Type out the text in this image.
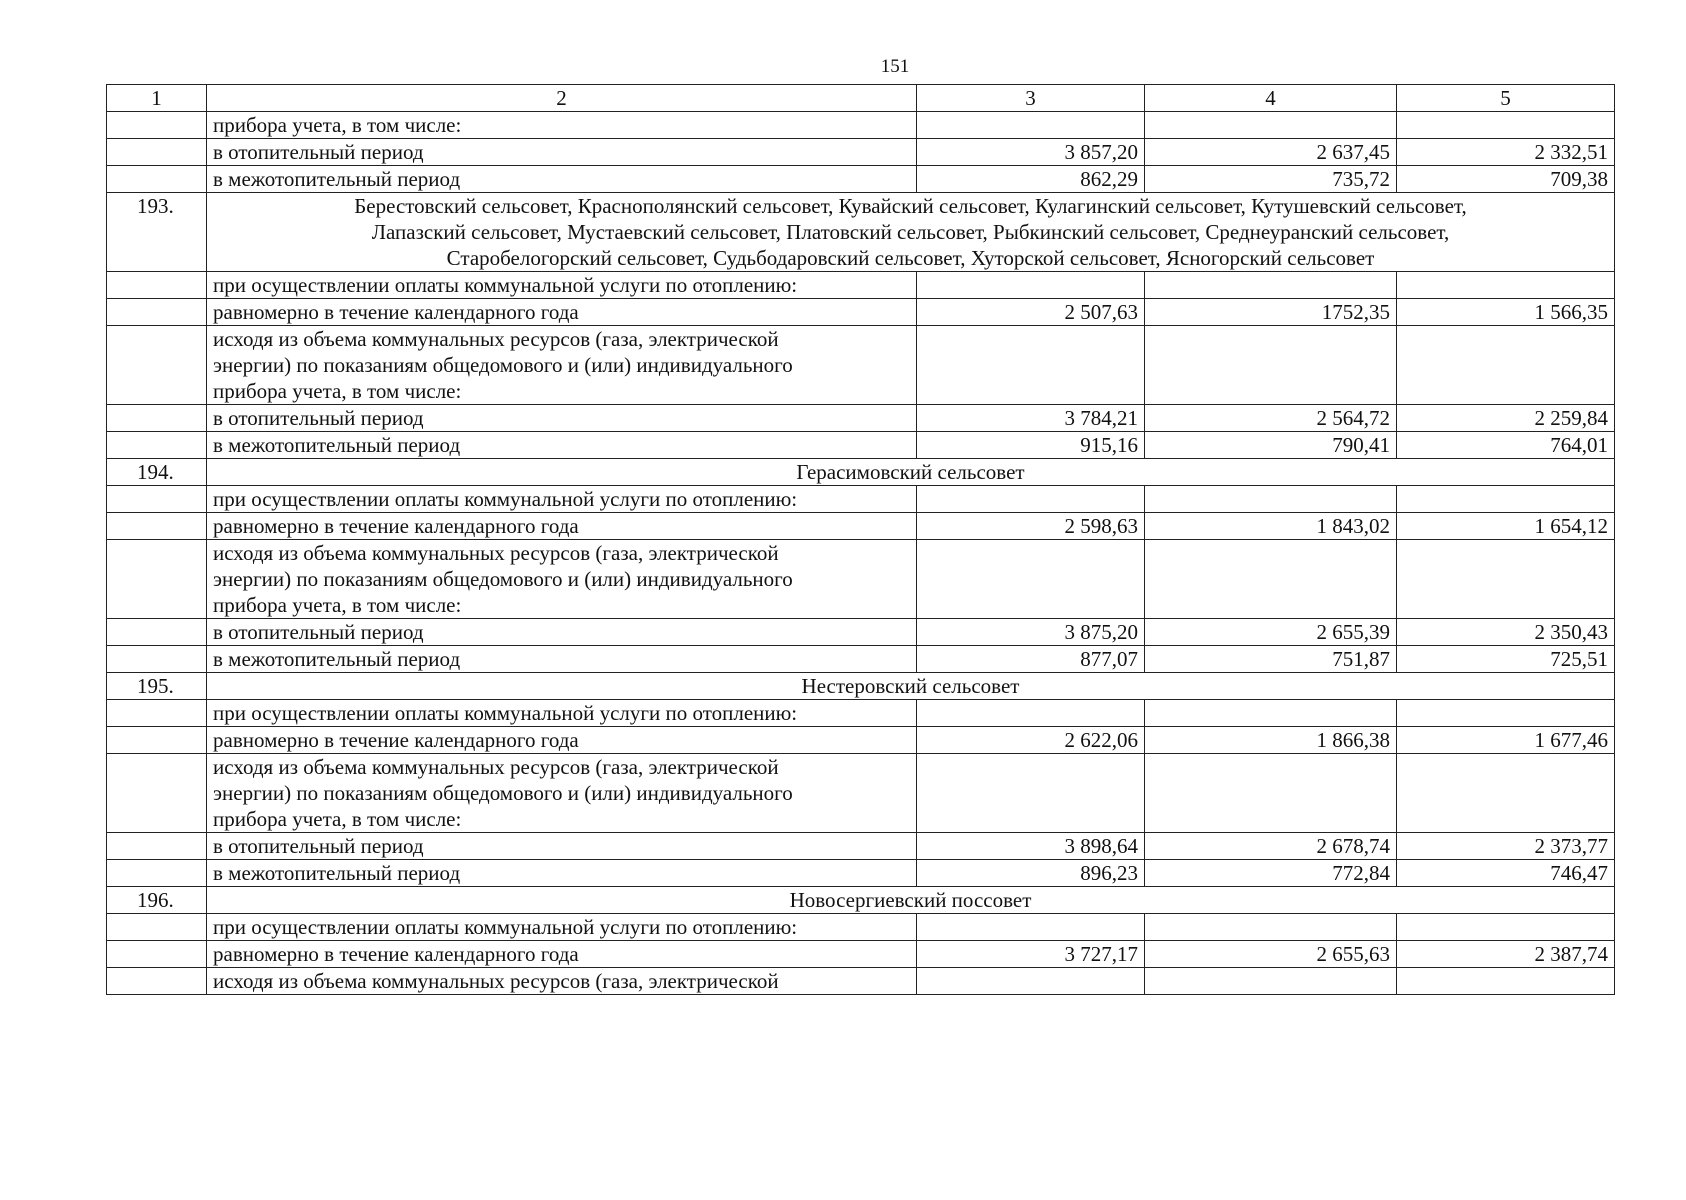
151
1	2	3	4	5
	прибора учета, в том числе:			
	в отопительный период	3 857,20	2 637,45	2 332,51
	в межотопительный период	862,29	735,72	709,38
193.	Берестовский сельсовет, Краснополянский сельсовет, Кувайский сельсовет, Кулагинский сельсовет, Кутушевский сельсовет,
Лапазский сельсовет, Мустаевский сельсовет, Платовский сельсовет, Рыбкинский сельсовет, Среднеуранский сельсовет,
Старобелогорский сельсовет, Судьбодаровский сельсовет, Хуторской сельсовет, Ясногорский сельсовет			

	при осуществлении оплаты коммунальной услуги по отоплению:			
	равномерно в течение календарного года	2 507,63	1752,35	1 566,35

	исходя из объема коммунальных ресурсов (газа, электрической
энергии) по показаниям общедомового и (или) индивидуального
прибора учета, в том числе:			

	в отопительный период	3 784,21	2 564,72	2 259,84
	в межотопительный период	915,16	790,41	764,01
194.	Герасимовский сельсовет			

	при осуществлении оплаты коммунальной услуги по отоплению:			
	равномерно в течение календарного года	2 598,63	1 843,02	1 654,12

	исходя из объема коммунальных ресурсов (газа, электрической
энергии) по показаниям общедомового и (или) индивидуального
прибора учета, в том числе:			

	в отопительный период	3 875,20	2 655,39	2 350,43
	в межотопительный период	877,07	751,87	725,51
195.	Нестеровский сельсовет			

	при осуществлении оплаты коммунальной услуги по отоплению:			
	равномерно в течение календарного года	2 622,06	1 866,38	1 677,46

	исходя из объема коммунальных ресурсов (газа, электрической
энергии) по показаниям общедомового и (или) индивидуального
прибора учета, в том числе:			

	в отопительный период	3 898,64	2 678,74	2 373,77
	в межотопительный период	896,23	772,84	746,47
196.	Новосергиевский поссовет			

	при осуществлении оплаты коммунальной услуги по отоплению:			
	равномерно в течение календарного года	3 727,17	2 655,63	2 387,74
	исходя из объема коммунальных ресурсов (газа, электрической			
